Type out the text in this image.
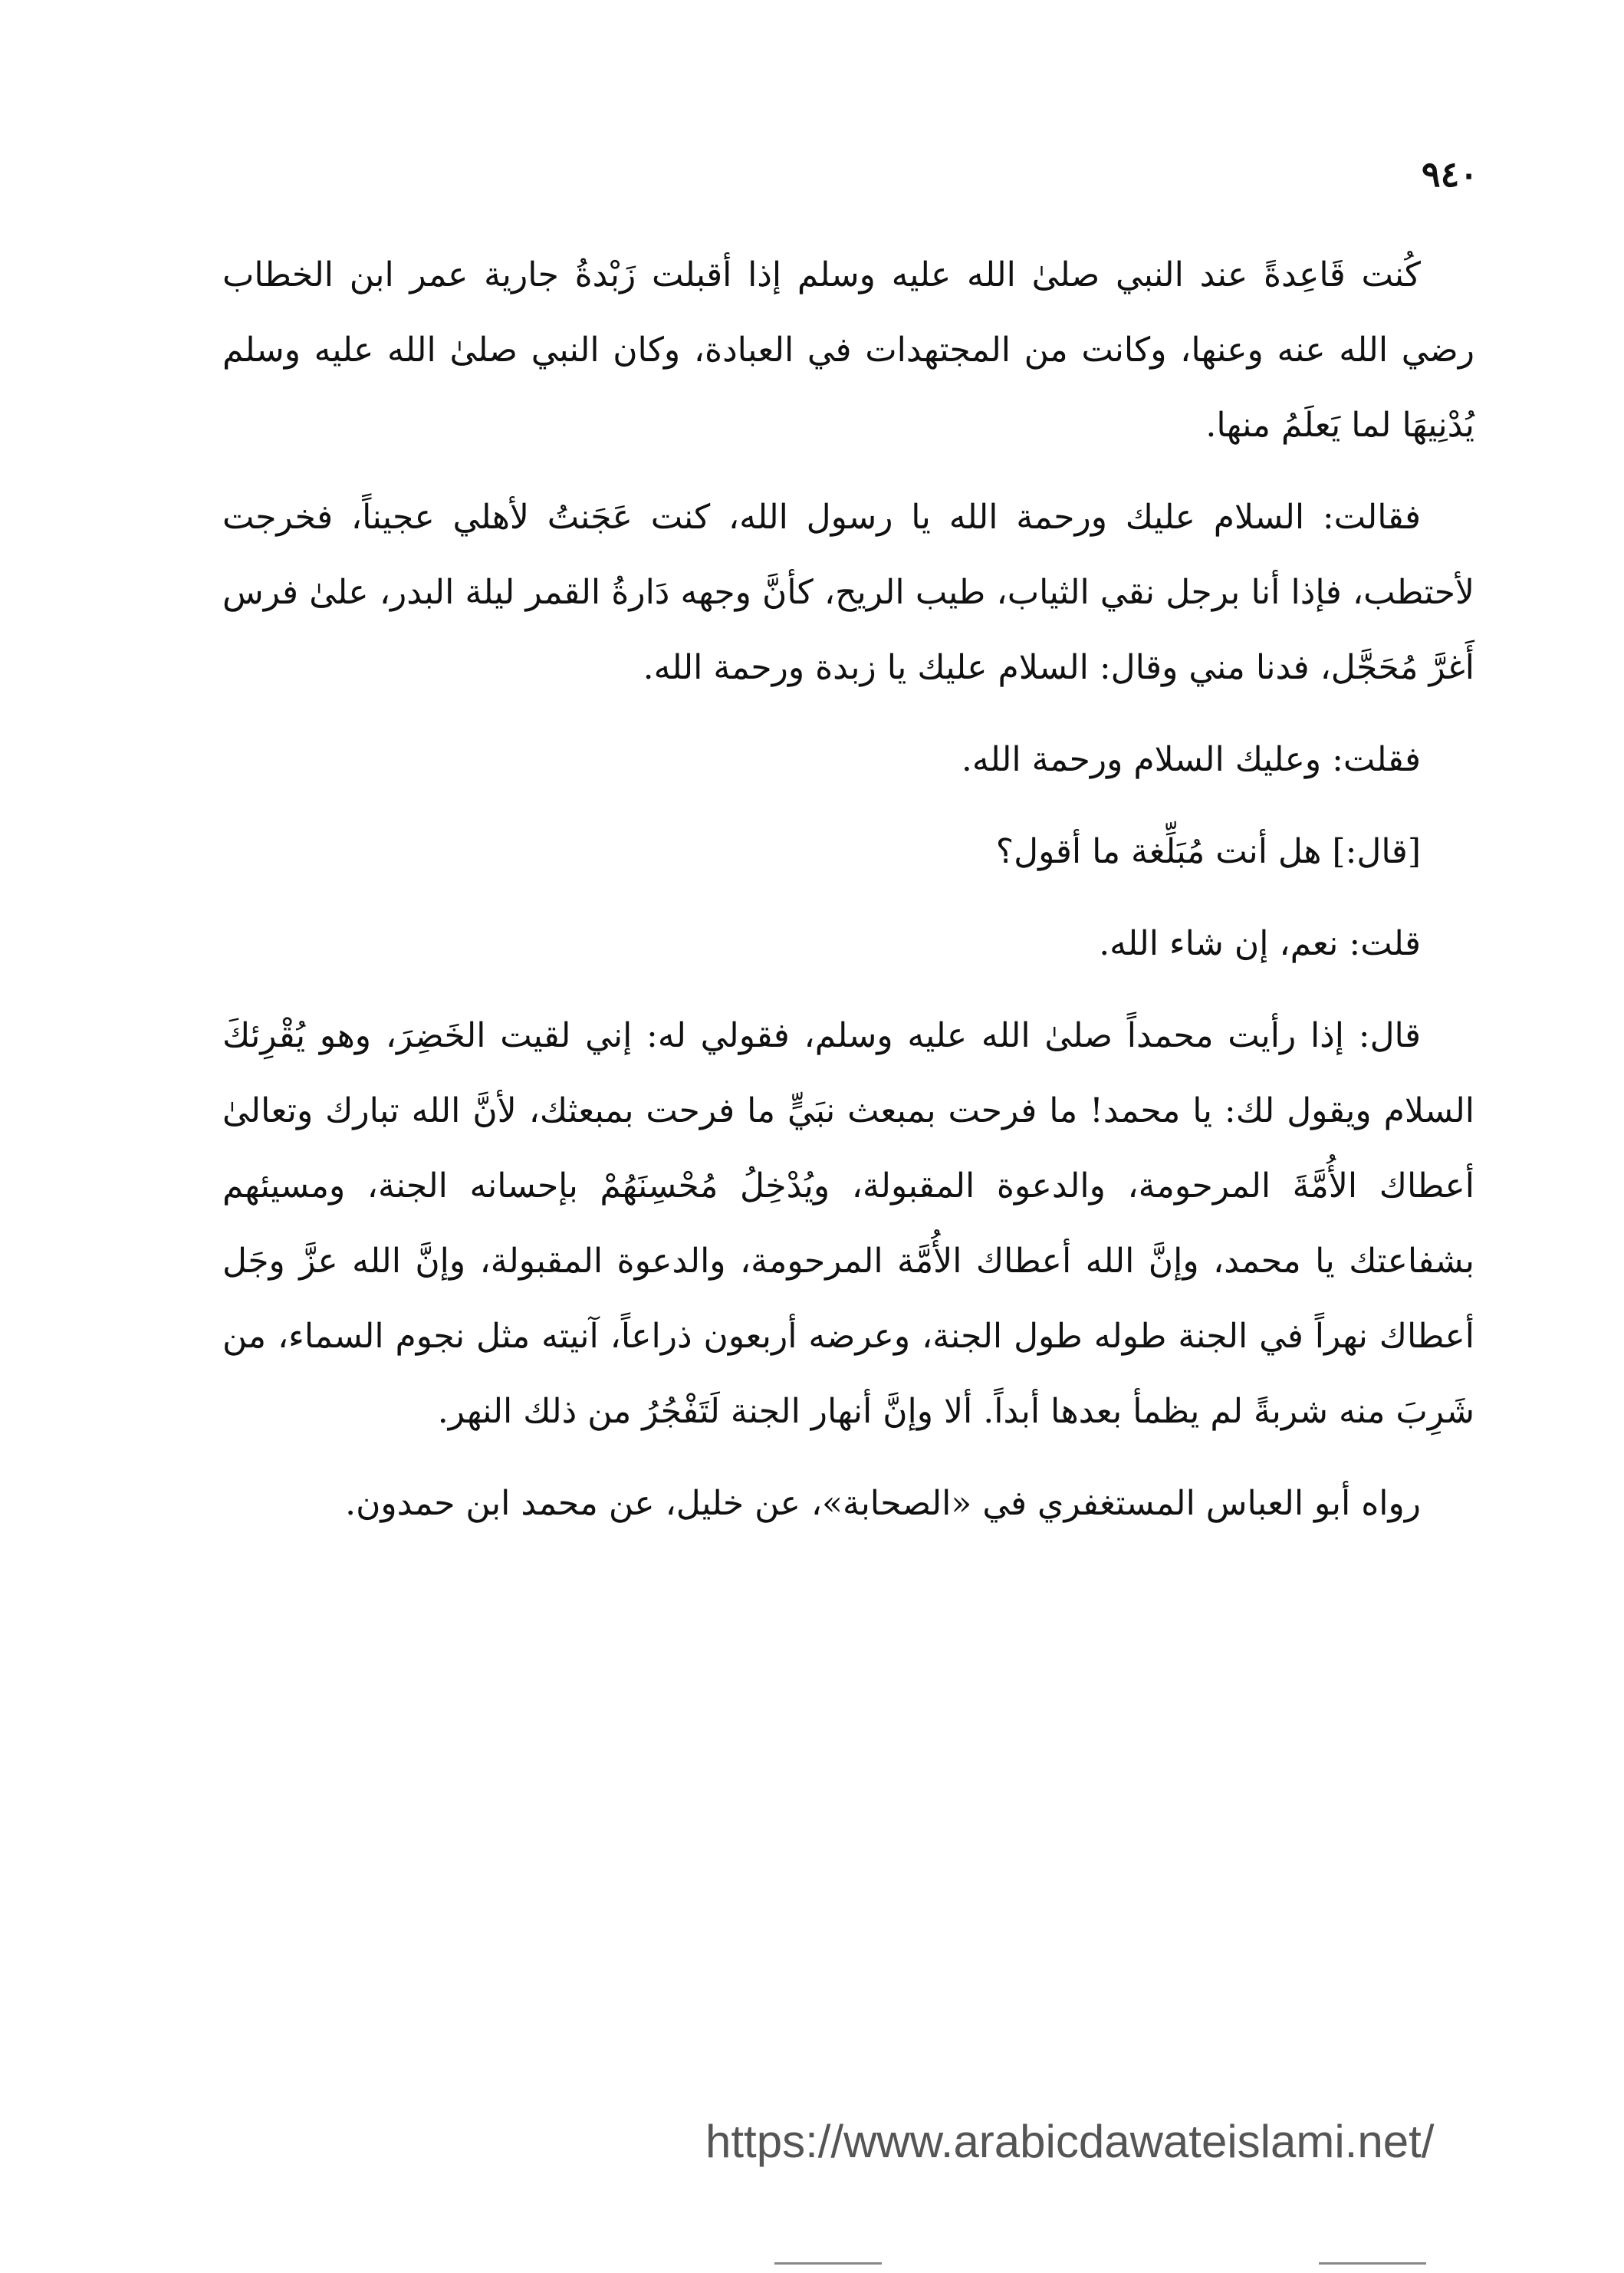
٩٤٠

كُنت قَاعِدةً عند النبي صلىٰ الله عليه وسلم إذا أقبلت زَبْدةُ جارية عمر ابن الخطاب رضي الله عنه وعنها، وكانت من المجتهدات في العبادة، وكان النبي صلىٰ الله عليه وسلم يُدْنِيهَا لما يَعلَمُ منها.

فقالت: السلام عليك ورحمة الله يا رسول الله، كنت عَجَنتُ لأهلي عجيناً، فخرجت لأحتطب، فإذا أنا برجل نقي الثياب، طيب الريح، كأنَّ وجهه دَارةُ القمر ليلة البدر، علىٰ فرس أَغرَّ مُحَجَّل، فدنا مني وقال: السلام عليك يا زبدة ورحمة الله.

فقلت: وعليك السلام ورحمة الله.

[قال:] هل أنت مُبَلِّغة ما أقول؟

قلت: نعم، إن شاء الله.

قال: إذا رأيت محمداً صلىٰ الله عليه وسلم، فقولي له: إني لقيت الخَضِرَ، وهو يُقْرِئكَ السلام ويقول لك: يا محمد! ما فرحت بمبعث نبَيٍّ ما فرحت بمبعثك، لأنَّ الله تبارك وتعالىٰ أعطاك الأُمَّةَ المرحومة، والدعوة المقبولة، ويُدْخِلُ مُحْسِنَهُمْ بإحسانه الجنة، ومسيئهم بشفاعتك يا محمد، وإنَّ الله أعطاك الأُمَّة المرحومة، والدعوة المقبولة، وإنَّ الله عزَّ وجَل أعطاك نهراً في الجنة طوله طول الجنة، وعرضه أربعون ذراعاً، آنيته مثل نجوم السماء، من شَرِبَ منه شربةً لم يظمأ بعدها أبداً. ألا وإنَّ أنهار الجنة لَتَفْجُرُ من ذلك النهر.

رواه أبو العباس المستغفري في «الصحابة»، عن خليل، عن محمد ابن حمدون.

https://www.arabicdawateislami.net/
